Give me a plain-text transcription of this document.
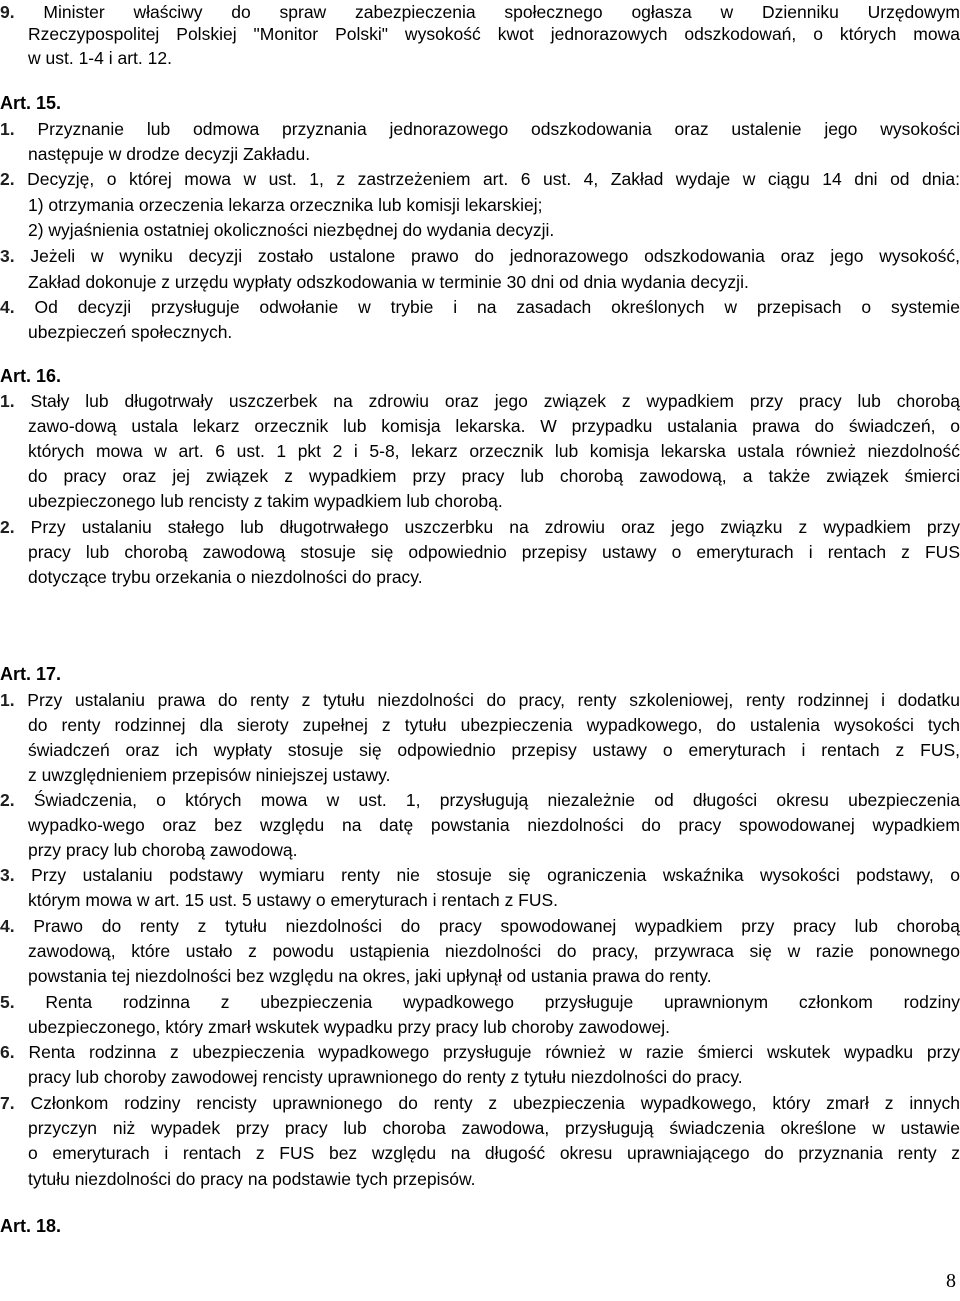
9. Minister właściwy do spraw zabezpieczenia społecznego ogłasza w Dzienniku Urzędowym

Rzeczypospolitej Polskiej "Monitor Polski" wysokość kwot jednorazowych odszkodowań, o których mowa

w ust. 1-4 i art. 12.

Art. 15.

1. Przyznanie lub odmowa przyznania jednorazowego odszkodowania oraz ustalenie jego wysokości

następuje w drodze decyzji Zakładu.

2. Decyzję, o której mowa w ust. 1, z zastrzeżeniem art. 6 ust. 4, Zakład wydaje w ciągu 14 dni od dnia:

1) otrzymania orzeczenia lekarza orzecznika lub komisji lekarskiej;

2) wyjaśnienia ostatniej okoliczności niezbędnej do wydania decyzji.

3. Jeżeli w wyniku decyzji zostało ustalone prawo do jednorazowego odszkodowania oraz jego wysokość,

Zakład dokonuje z urzędu wypłaty odszkodowania w terminie 30 dni od dnia wydania decyzji.

4. Od decyzji przysługuje odwołanie w trybie i na zasadach określonych w przepisach o systemie

ubezpieczeń społecznych.

Art. 16.

1. Stały lub długotrwały uszczerbek na zdrowiu oraz jego związek z wypadkiem przy pracy lub chorobą

zawo-dową ustala lekarz orzecznik lub komisja lekarska. W przypadku ustalania prawa do świadczeń, o

których mowa w art. 6 ust. 1 pkt 2 i 5-8, lekarz orzecznik lub komisja lekarska ustala również niezdolność

do pracy oraz jej związek z wypadkiem przy pracy lub chorobą zawodową, a także związek śmierci

ubezpieczonego lub rencisty z takim wypadkiem lub chorobą.

2. Przy ustalaniu stałego lub długotrwałego uszczerbku na zdrowiu oraz jego związku z wypadkiem przy

pracy lub chorobą zawodową stosuje się odpowiednio przepisy ustawy o emeryturach i rentach z FUS

dotyczące trybu orzekania o niezdolności do pracy.

Art. 17.

1. Przy ustalaniu prawa do renty z tytułu niezdolności do pracy, renty szkoleniowej, renty rodzinnej i dodatku

do renty rodzinnej dla sieroty zupełnej z tytułu ubezpieczenia wypadkowego, do ustalenia wysokości tych

świadczeń oraz ich wypłaty stosuje się odpowiednio przepisy ustawy o emeryturach i rentach z FUS,

z uwzględnieniem przepisów niniejszej ustawy.

2. Świadczenia, o których mowa w ust. 1, przysługują niezależnie od długości okresu ubezpieczenia

wypadko-wego oraz bez względu na datę powstania niezdolności do pracy spowodowanej wypadkiem

przy pracy lub chorobą zawodową.

3. Przy ustalaniu podstawy wymiaru renty nie stosuje się ograniczenia wskaźnika wysokości podstawy, o

którym mowa w art. 15 ust. 5 ustawy o emeryturach i rentach z FUS.

4. Prawo do renty z tytułu niezdolności do pracy spowodowanej wypadkiem przy pracy lub chorobą

zawodową, które ustało z powodu ustąpienia niezdolności do pracy, przywraca się w razie ponownego

powstania tej niezdolności bez względu na okres, jaki upłynął od ustania prawa do renty.

5. Renta rodzinna z ubezpieczenia wypadkowego przysługuje uprawnionym członkom rodziny

ubezpieczonego, który zmarł wskutek wypadku przy pracy lub choroby zawodowej.

6. Renta rodzinna z ubezpieczenia wypadkowego przysługuje również w razie śmierci wskutek wypadku przy

pracy lub choroby zawodowej rencisty uprawnionego do renty z tytułu niezdolności do pracy.

7. Członkom rodziny rencisty uprawnionego do renty z ubezpieczenia wypadkowego, który zmarł z innych

przyczyn niż wypadek przy pracy lub choroba zawodowa, przysługują świadczenia określone w ustawie

o emeryturach i rentach z FUS bez względu na długość okresu uprawniającego do przyznania renty z

tytułu niezdolności do pracy na podstawie tych przepisów.

Art. 18.

8
